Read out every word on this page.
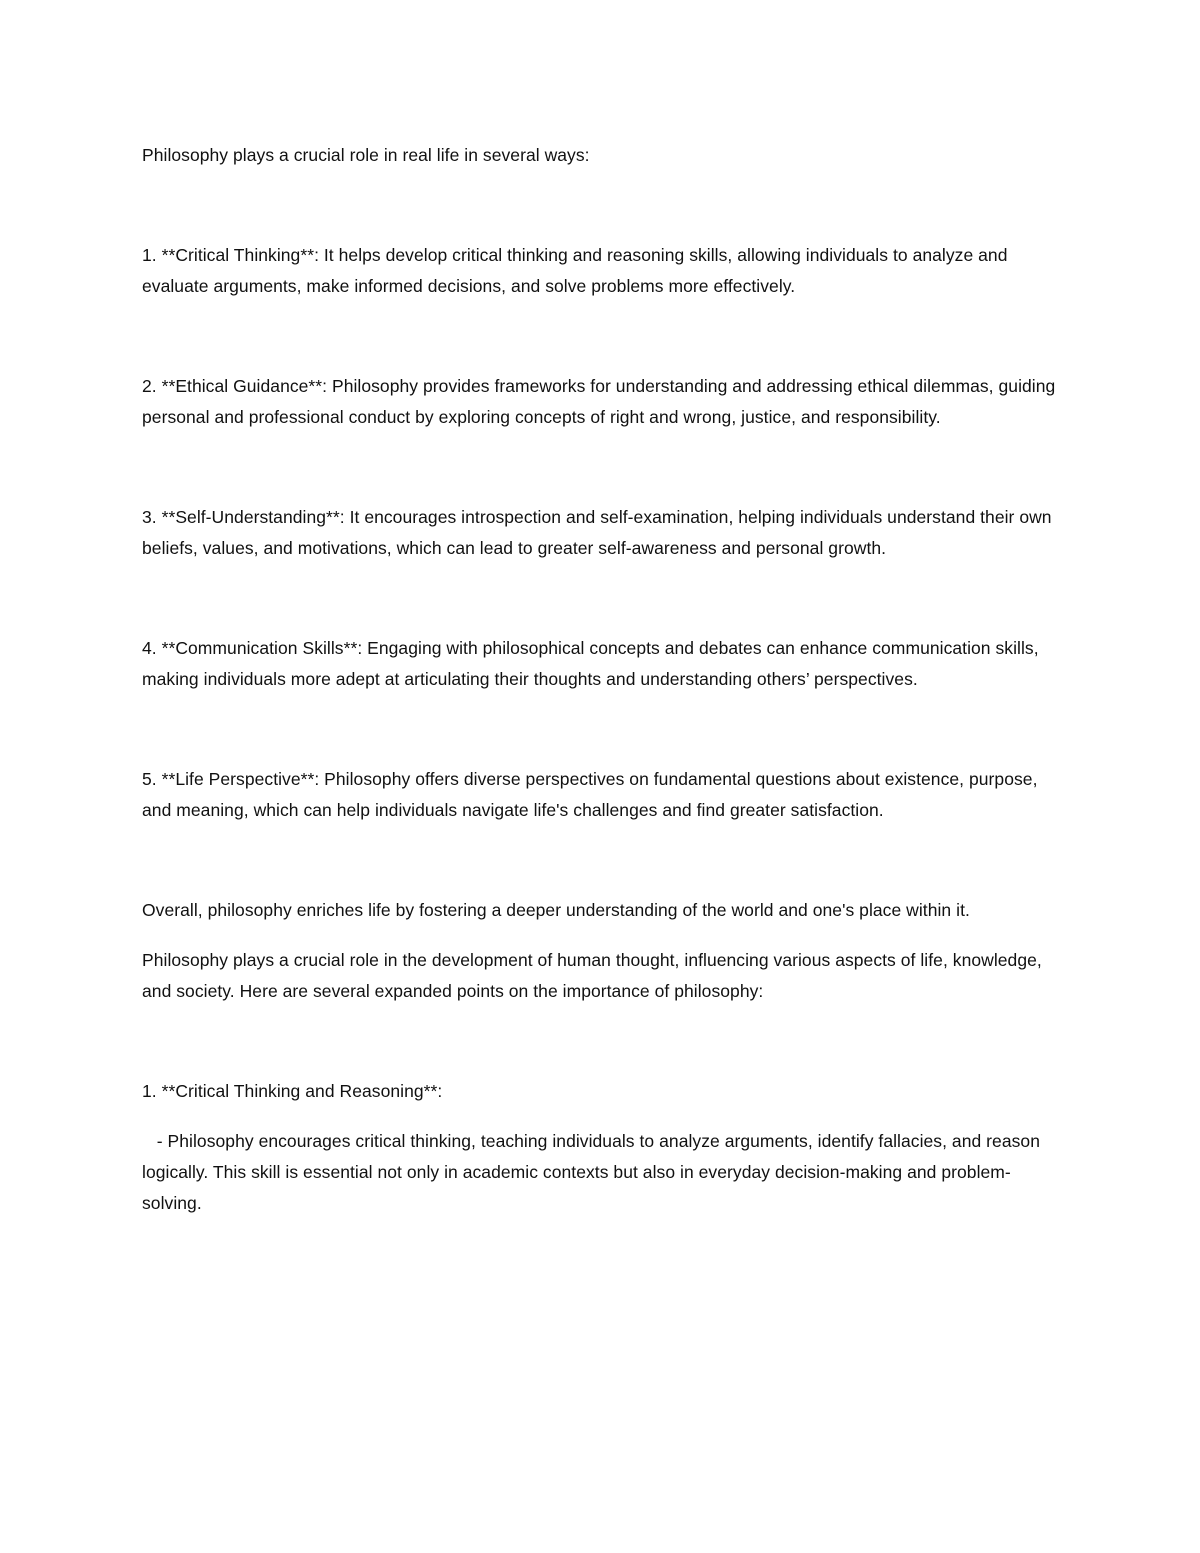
Philosophy plays a crucial role in real life in several ways:

1. **Critical Thinking**: It helps develop critical thinking and reasoning skills, allowing individuals to analyze and evaluate arguments, make informed decisions, and solve problems more effectively.

2. **Ethical Guidance**: Philosophy provides frameworks for understanding and addressing ethical dilemmas, guiding personal and professional conduct by exploring concepts of right and wrong, justice, and responsibility.

3. **Self-Understanding**: It encourages introspection and self-examination, helping individuals understand their own beliefs, values, and motivations, which can lead to greater self-awareness and personal growth.

4. **Communication Skills**: Engaging with philosophical concepts and debates can enhance communication skills, making individuals more adept at articulating their thoughts and understanding others’ perspectives.

5. **Life Perspective**: Philosophy offers diverse perspectives on fundamental questions about existence, purpose, and meaning, which can help individuals navigate life's challenges and find greater satisfaction.

Overall, philosophy enriches life by fostering a deeper understanding of the world and one's place within it.

Philosophy plays a crucial role in the development of human thought, influencing various aspects of life, knowledge, and society. Here are several expanded points on the importance of philosophy:

1. **Critical Thinking and Reasoning**:

- Philosophy encourages critical thinking, teaching individuals to analyze arguments, identify fallacies, and reason logically. This skill is essential not only in academic contexts but also in everyday decision-making and problem-solving.
